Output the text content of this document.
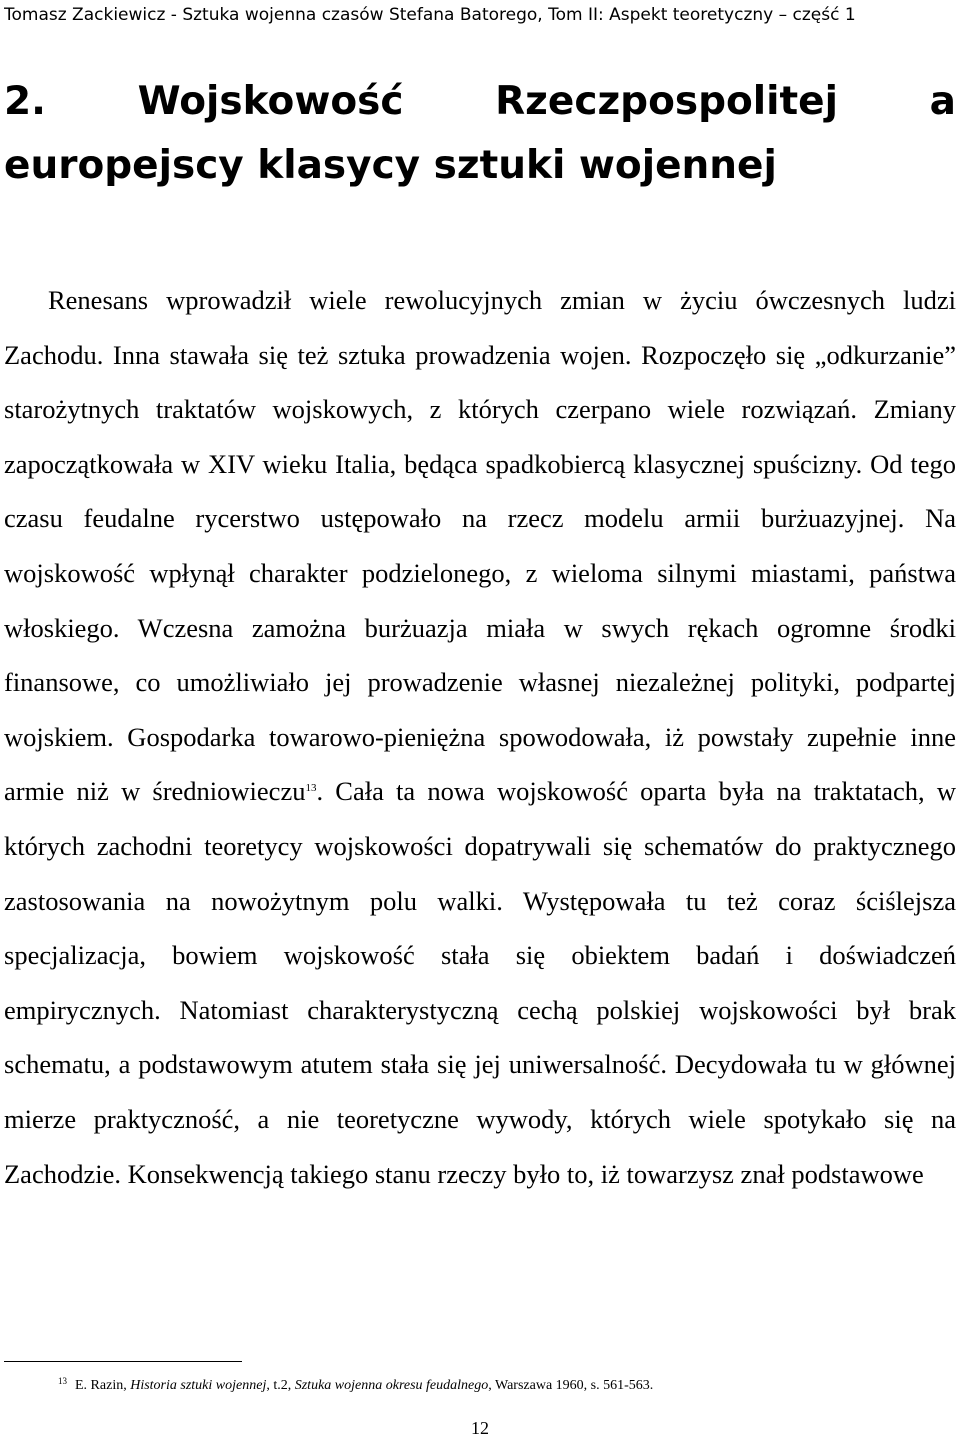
Tomasz Zackiewicz - Sztuka wojenna czasów Stefana Batorego, Tom II: Aspekt teoretyczny – część 1
2. Wojskowość Rzeczpospolitej a europejscy klasycy sztuki wojennej

Renesans wprowadził wiele rewolucyjnych zmian w życiu ówczesnych ludzi Zachodu. Inna stawała się też sztuka prowadzenia wojen. Rozpoczęło się „odkurzanie” starożytnych traktatów wojskowych, z których czerpano wiele rozwiązań. Zmiany zapoczątkowała w XIV wieku Italia, będąca spadkobiercą klasycznej spuścizny. Od tego czasu feudalne rycerstwo ustępowało na rzecz modelu armii burżuazyjnej. Na wojskowość wpłynął charakter podzielonego, z wieloma silnymi miastami, państwa włoskiego. Wczesna zamożna burżuazja miała w swych rękach ogromne środki finansowe, co umożliwiało jej prowadzenie własnej niezależnej polityki, podpartej wojskiem. Gospodarka towarowo-pieniężna spowodowała, iż powstały zupełnie inne armie niż w średniowieczu$^{13}$. Cała ta nowa wojskowość oparta była na traktatach, w których zachodni teoretycy wojskowości dopatrywali się schematów do praktycznego zastosowania na nowożytnym polu walki. Występowała tu też coraz ściślejsza specjalizacja, bowiem wojskowość stała się obiektem badań i doświadczeń empirycznych. Natomiast charakterystyczną cechą polskiej wojskowości był brak schematu, a podstawowym atutem stała się jej uniwersalność. Decydowała tu w głównej mierze praktyczność, a nie teoretyczne wywody, których wiele spotykało się na Zachodzie. Konsekwencją takiego stanu rzeczy było to, iż towarzysz znał podstawowe

$^{13}$ E. Razin, Historia sztuki wojennej, t.2, Sztuka wojenna okresu feudalnego, Warszawa 1960, s. 561-563.
12
